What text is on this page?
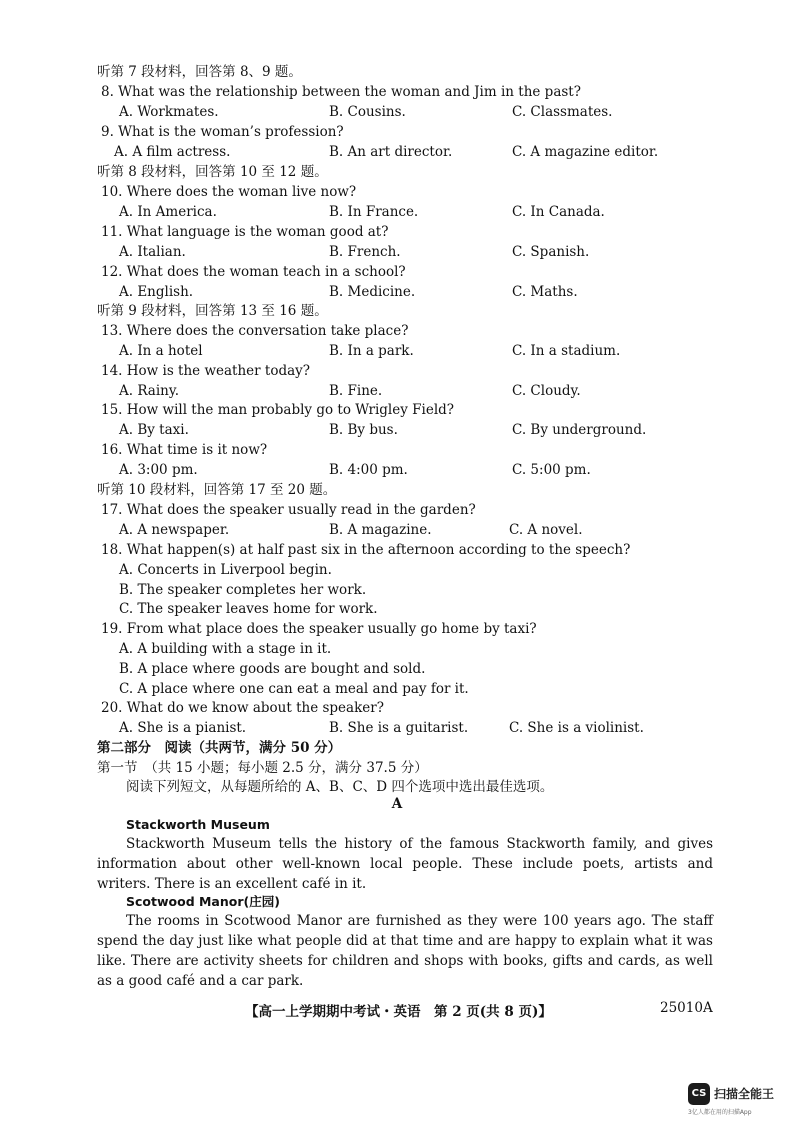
听第 7 段材料，回答第 8、9 题。
8. What was the relationship between the woman and Jim in the past?
A. Workmates.	B. Cousins.	C. Classmates.
9. What is the woman’s profession?
A. A film actress.	B. An art director.	C. A magazine editor.
听第 8 段材料，回答第 10 至 12 题。
10. Where does the woman live now?
A. In America.	B. In France.	C. In Canada.
11. What language is the woman good at?
A. Italian.	B. French.	C. Spanish.
12. What does the woman teach in a school?
A. English.	B. Medicine.	C. Maths.
听第 9 段材料，回答第 13 至 16 题。
13. Where does the conversation take place?
A. In a hotel	B. In a park.	C. In a stadium.
14. How is the weather today?
A. Rainy.	B. Fine.	C. Cloudy.
15. How will the man probably go to Wrigley Field?
A. By taxi.	B. By bus.	C. By underground.
16. What time is it now?
A. 3:00 pm.	B. 4:00 pm.	C. 5:00 pm.
听第 10 段材料，回答第 17 至 20 题。
17. What does the speaker usually read in the garden?
A. A newspaper.	B. A magazine.	C. A novel.
18. What happen(s) at half past six in the afternoon according to the speech?
A. Concerts in Liverpool begin.
B. The speaker completes her work.
C. The speaker leaves home for work.
19. From what place does the speaker usually go home by taxi?
A. A building with a stage in it.
B. A place where goods are bought and sold.
C. A place where one can eat a meal and pay for it.
20. What do we know about the speaker?
A. She is a pianist.	B. She is a guitarist.	C. She is a violinist.
第二部分　阅读（共两节，满分 50 分）
第一节　（共 15 小题；每小题 2.5 分，满分 37.5 分）
阅读下列短文，从每题所给的 A、B、C、D 四个选项中选出最佳选项。
A
Stackworth Museum
Stackworth Museum tells the history of the famous Stackworth family, and gives information about other well-known local people. These include poets, artists and writers. There is an excellent café in it.
Scotwood Manor(庄园)
The rooms in Scotwood Manor are furnished as they were 100 years ago. The staff spend the day just like what people did at that time and are happy to explain what it was like. There are activity sheets for children and shops with books, gifts and cards, as well as a good café and a car park.
【高一上学期期中考试・英语　第 2 页(共 8 页)】	25010A
CS 扫描全能王
3亿人都在用的扫描App
